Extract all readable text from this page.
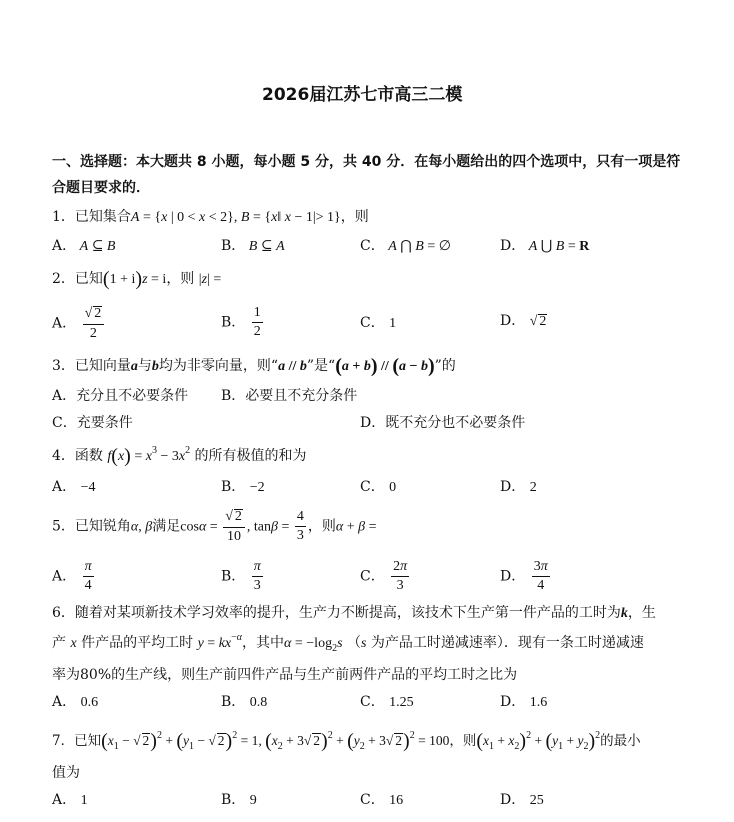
2026届江苏七市高三二模
一、选择题：本大题共 8 小题，每小题 5 分，共 40 分．在每小题给出的四个选项中，只有一项是符
合题目要求的．
1．已知集合A = {x | 0 < x < 2}, B = {x‖ x − 1|> 1}，则
A． A ⊆ B	B． B ⊆ A	C． A ⋂ B = ∅	D． A ⋃ B = R
2．已知(1 + i)z = i，则 |z| =
A． $\frac{√ 2}{2}$	B． $\frac{1}{2}$	C． 1	D． √ 2
3．已知向量a与b均为非零向量，则“a // b”是“(a + b) // (a − b)”的
A．充分且不必要条件 B．必要且不充分条件
C．充要条件	D．既不充分也不必要条件
4．函数 $f(x) = x^3 - 3x^2$ 的所有极值的和为
A． −4	B． −2	C． 0	D． 2
5．已知锐角α, β满足$\cos\alpha = \frac{√ 2}{10}$ , $\tan\beta = \frac{4}{3}$ ，则α + β =
A． $\frac{\pi}{4}$	B． $\frac{\pi}{3}$	C． $\frac{2\pi}{3}$	D． $\frac{3\pi}{4}$
6．随着对某项新技术学习效率的提升，生产力不断提高，该技术下生产第一件产品的工时为k，生
产 x 件产品的平均工时 $y = kx^{-\alpha}$，其中$\alpha = -\log_2s$ （s 为产品工时递减速率）．现有一条工时递减速
率为80%的生产线，则生产前四件产品与生产前两件产品的平均工时之比为
A． 0.6	B． 0.8	C． 1.25	D． 1.6
7．已知($x_1$ − √ $2)^2 + (y_1$ − √ 2)$^2$ = 1, ($x_2 + 3√$ $2)^2 + (y_2 + 3√$ 2)$^2$ = 100，则$(x_1 + x_2)^2 + (y_1 + y_2)^2$的最小
值为
A． 1	B． 9	C． 16	D． 25
